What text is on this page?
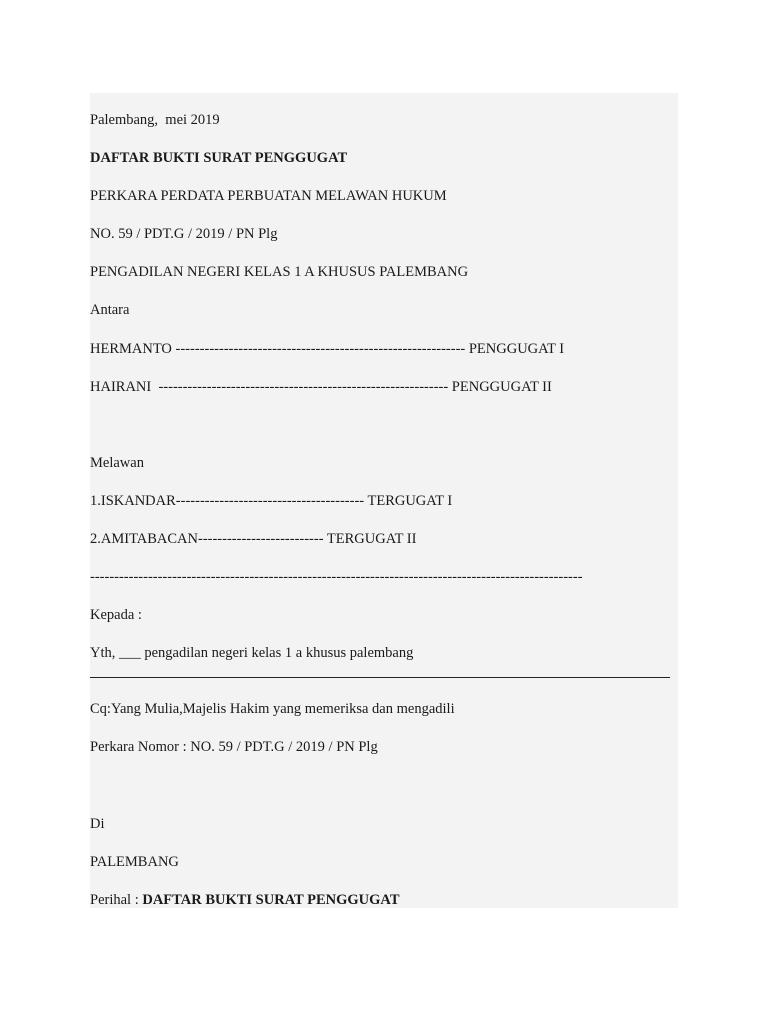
Palembang,  mei 2019

DAFTAR BUKTI SURAT PENGGUGAT

PERKARA PERDATA PERBUATAN MELAWAN HUKUM

NO. 59 / PDT.G / 2019 / PN Plg

PENGADILAN NEGERI KELAS 1 A KHUSUS PALEMBANG

Antara

HERMANTO ------------------------------------------------------------ PENGGUGAT I

HAIRANI  ------------------------------------------------------------ PENGGUGAT II

Melawan

1.ISKANDAR--------------------------------------- TERGUGAT I

2.AMITABACAN-------------------------- TERGUGAT II

------------------------------------------------------------------------------------------------------

Kepada :

Yth, ___ pengadilan negeri kelas 1 a khusus palembang

Cq:Yang Mulia,Majelis Hakim yang memeriksa dan mengadili

Perkara Nomor : NO. 59 / PDT.G / 2019 / PN Plg

Di

PALEMBANG

Perihal : DAFTAR BUKTI SURAT PENGGUGAT
